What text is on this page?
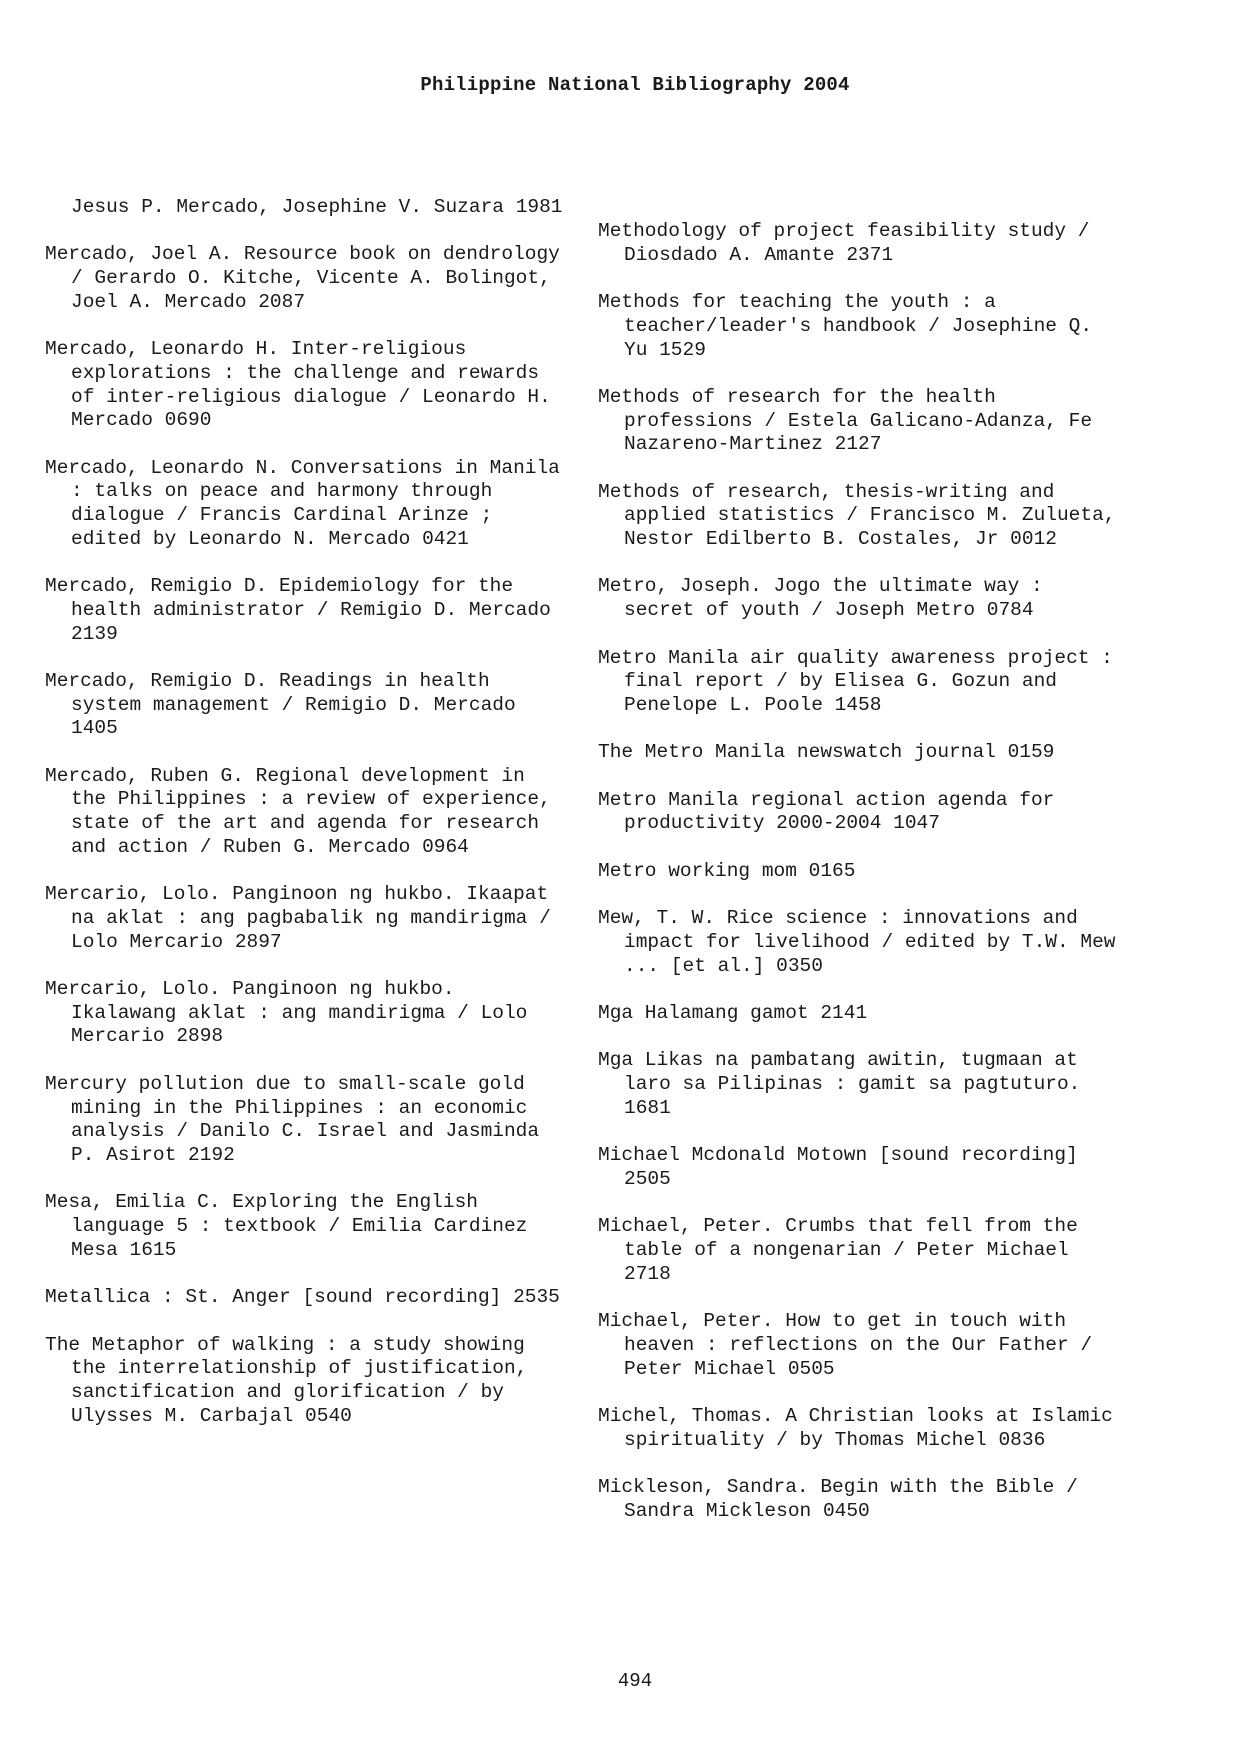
Philippine National Bibliography 2004
Jesus P. Mercado, Josephine V. Suzara 1981
Mercado, Joel A. Resource book on dendrology / Gerardo O. Kitche, Vicente A. Bolingot, Joel A. Mercado 2087
Mercado, Leonardo H. Inter-religious explorations : the challenge and rewards of inter-religious dialogue / Leonardo H. Mercado 0690
Mercado, Leonardo N. Conversations in Manila : talks on peace and harmony through dialogue / Francis Cardinal Arinze ; edited by Leonardo N. Mercado 0421
Mercado, Remigio D. Epidemiology for the health administrator / Remigio D. Mercado 2139
Mercado, Remigio D. Readings in health system management / Remigio D. Mercado 1405
Mercado, Ruben G. Regional development in the Philippines : a review of experience, state of the art and agenda for research and action / Ruben G. Mercado 0964
Mercario, Lolo. Panginoon ng hukbo. Ikaapat na aklat : ang pagbabalik ng mandirigma / Lolo Mercario 2897
Mercario, Lolo. Panginoon ng hukbo. Ikalawang aklat : ang mandirigma / Lolo Mercario 2898
Mercury pollution due to small-scale gold mining in the Philippines : an economic analysis / Danilo C. Israel and Jasminda P. Asirot 2192
Mesa, Emilia C. Exploring the English language 5 : textbook / Emilia Cardinez Mesa 1615
Metallica : St. Anger [sound recording] 2535
The Metaphor of walking : a study showing the interrelationship of justification, sanctification and glorification / by Ulysses M. Carbajal 0540
Methodology of project feasibility study / Diosdado A. Amante 2371
Methods for teaching the youth : a teacher/leader's handbook / Josephine Q. Yu 1529
Methods of research for the health professions / Estela Galicano-Adanza, Fe Nazareno-Martinez 2127
Methods of research, thesis-writing and applied statistics / Francisco M. Zulueta, Nestor Edilberto B. Costales, Jr 0012
Metro, Joseph. Jogo the ultimate way : secret of youth / Joseph Metro 0784
Metro Manila air quality awareness project : final report / by Elisea G. Gozun and Penelope L. Poole 1458
The Metro Manila newswatch journal 0159
Metro Manila regional action agenda for productivity 2000-2004 1047
Metro working mom 0165
Mew, T. W. Rice science : innovations and impact for livelihood / edited by T.W. Mew ... [et al.] 0350
Mga Halamang gamot 2141
Mga Likas na pambatang awitin, tugmaan at laro sa Pilipinas : gamit sa pagtuturo. 1681
Michael Mcdonald Motown [sound recording] 2505
Michael, Peter. Crumbs that fell from the table of a nongenarian / Peter Michael 2718
Michael, Peter. How to get in touch with heaven : reflections on the Our Father / Peter Michael 0505
Michel, Thomas. A Christian looks at Islamic spirituality / by Thomas Michel 0836
Mickleson, Sandra. Begin with the Bible / Sandra Mickleson 0450
494
